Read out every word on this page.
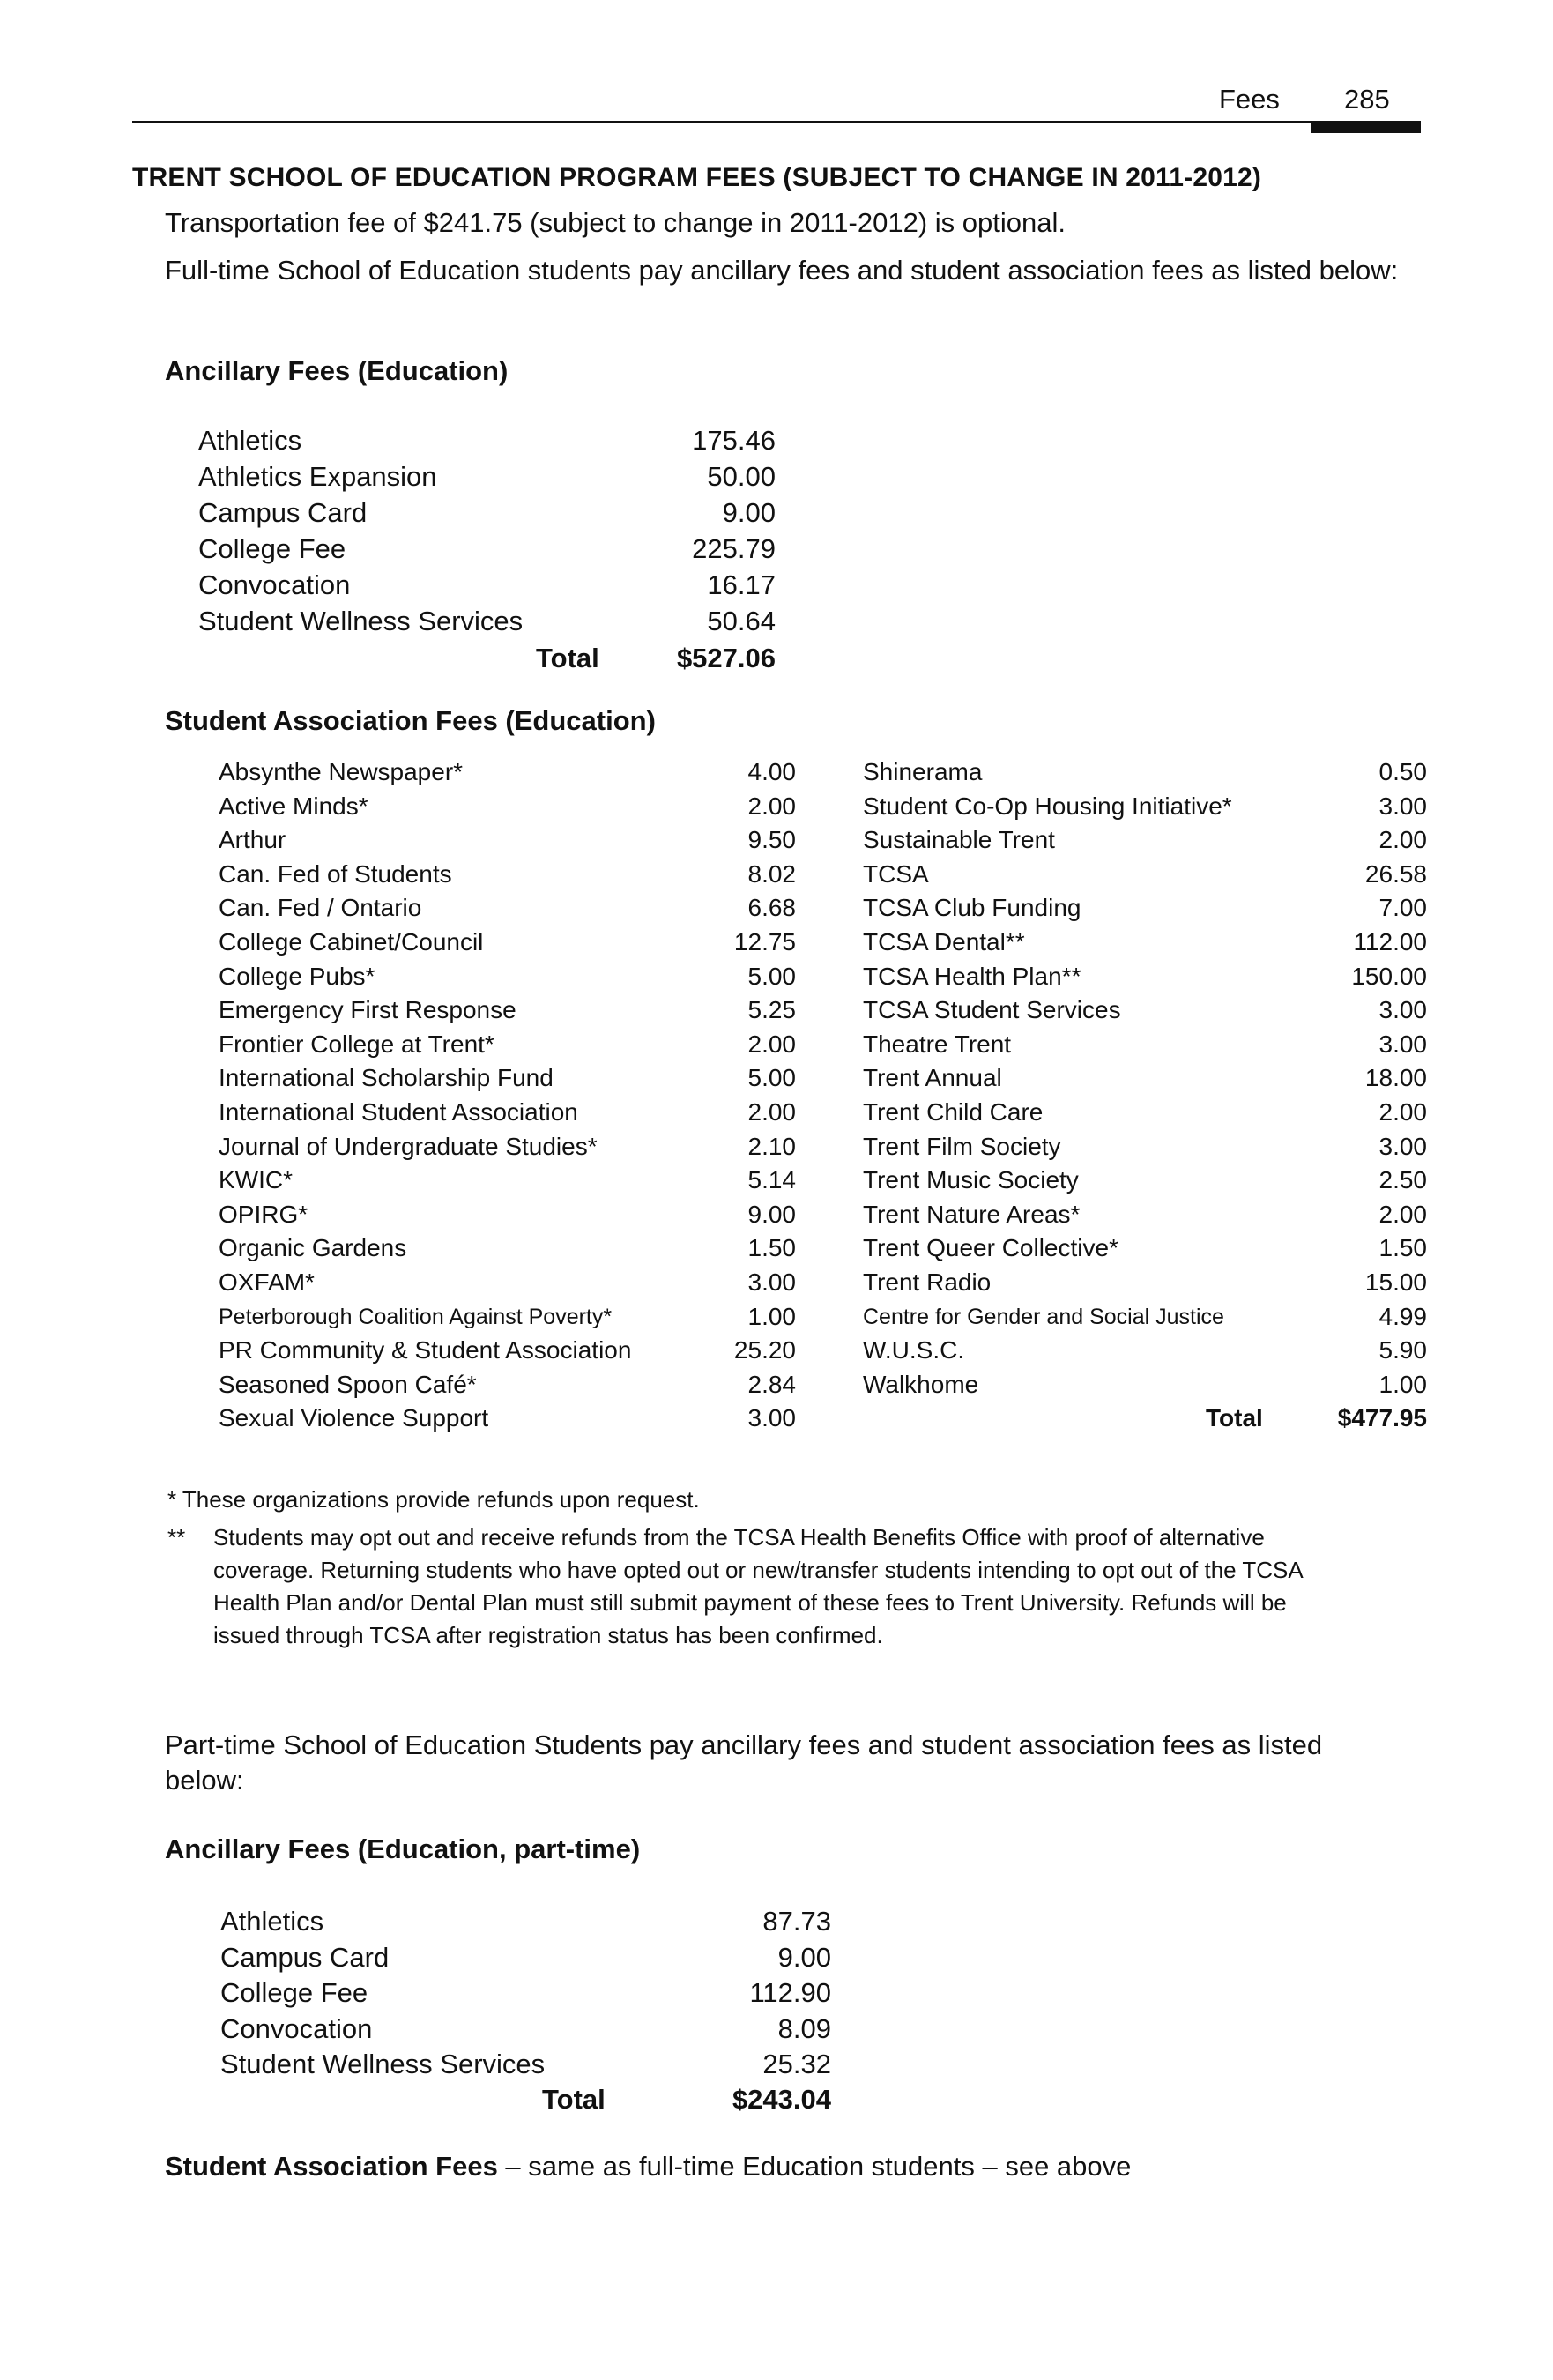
Fees 285
TRENT SCHOOL OF EDUCATION PROGRAM FEES (SUBJECT TO CHANGE IN 2011-2012)
Transportation fee of $241.75 (subject to change in 2011-2012) is optional.
Full-time School of Education students pay ancillary fees and student association fees as listed below:
Ancillary Fees (Education)
Athletics	175.46
Athletics Expansion	50.00
Campus Card	9.00
College Fee	225.79
Convocation	16.17
Student Wellness Services	50.64
Total	$527.06
Student Association Fees (Education)
Absynthe Newspaper*	4.00
Active Minds*	2.00
Arthur	9.50
Can. Fed of Students	8.02
Can. Fed / Ontario	6.68
College Cabinet/Council	12.75
College Pubs*	5.00
Emergency First Response	5.25
Frontier College at Trent*	2.00
International Scholarship Fund	5.00
International Student Association	2.00
Journal of Undergraduate Studies*	2.10
KWIC*	5.14
OPIRG*	9.00
Organic Gardens	1.50
OXFAM*	3.00
Peterborough Coalition Against Poverty*	1.00
PR Community & Student Association	25.20
Seasoned Spoon Café*	2.84
Sexual Violence Support	3.00
Shinerama	0.50
Student Co-Op Housing Initiative*	3.00
Sustainable Trent	2.00
TCSA	26.58
TCSA Club Funding	7.00
TCSA Dental**	112.00
TCSA Health Plan**	150.00
TCSA Student Services	3.00
Theatre Trent	3.00
Trent Annual	18.00
Trent Child Care	2.00
Trent Film Society	3.00
Trent Music Society	2.50
Trent Nature Areas*	2.00
Trent Queer Collective*	1.50
Trent Radio	15.00
Centre for Gender and Social Justice	4.99
W.U.S.C.	5.90
Walkhome	1.00
Total	$477.95
* These organizations provide refunds upon request.
** Students may opt out and receive refunds from the TCSA Health Benefits Office with proof of alternative
coverage. Returning students who have opted out or new/transfer students intending to opt out of the TCSA
Health Plan and/or Dental Plan must still submit payment of these fees to Trent University. Refunds will be
issued through TCSA after registration status has been confirmed.
Part-time School of Education Students pay ancillary fees and student association fees as listed below:
Ancillary Fees (Education, part-time)
Athletics	87.73
Campus Card	9.00
College Fee	112.90
Convocation	8.09
Student Wellness Services	25.32
Total	$243.04
Student Association Fees – same as full-time Education students – see above
